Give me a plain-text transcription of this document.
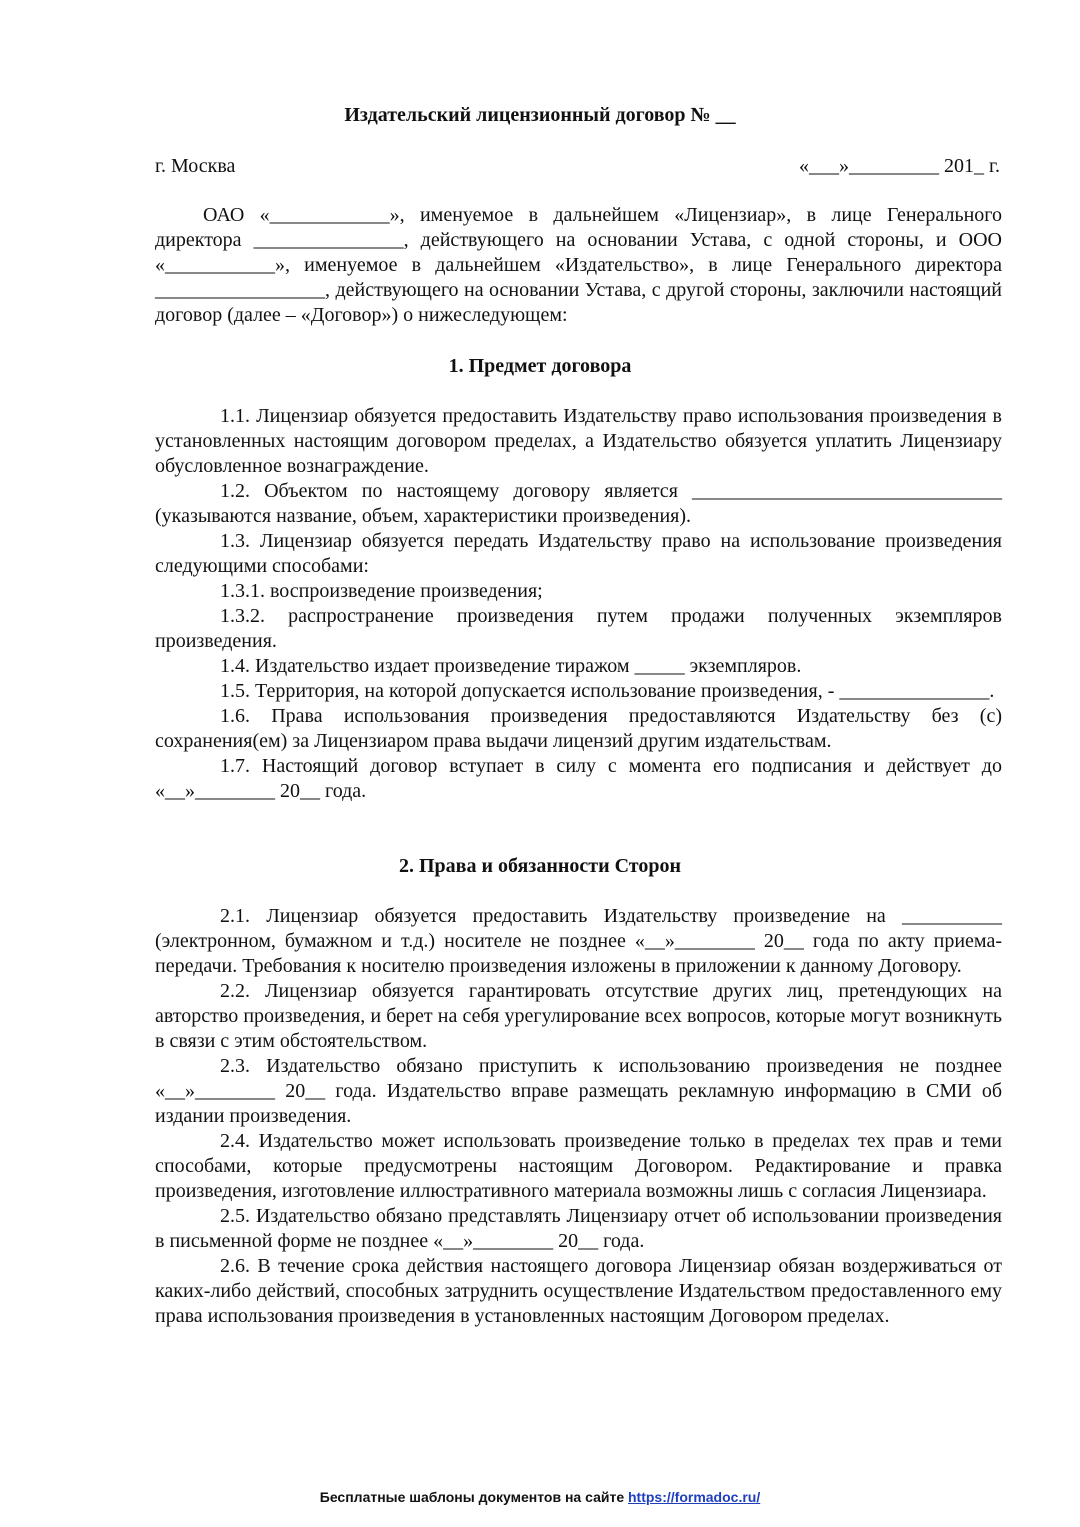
Издательский лицензионный договор № __
г. Москва	«___»_________ 201_ г.

ОАО «____________», именуемое в дальнейшем «Лицензиар», в лице Генерального директора _______________, действующего на основании Устава, с одной стороны, и ООО «___________», именуемое в дальнейшем «Издательство», в лице Генерального директора _________________, действующего на основании Устава, с другой стороны, заключили настоящий договор (далее – «Договор») о нижеследующем:

1. Предмет договора

1.1. Лицензиар обязуется предоставить Издательству право использования произведения в установленных настоящим договором пределах, а Издательство обязуется уплатить Лицензиару обусловленное вознаграждение.

1.2. Объектом по настоящему договору является _______________________________ (указываются название, объем, характеристики произведения).

1.3. Лицензиар обязуется передать Издательству право на использование произведения следующими способами:

1.3.1. воспроизведение произведения;

1.3.2. распространение произведения путем продажи полученных экземпляров произведения.

1.4. Издательство издает произведение тиражом _____ экземпляров.

1.5. Территория, на которой допускается использование произведения, - _______________.

1.6. Права использования произведения предоставляются Издательству без (с) сохранения(ем) за Лицензиаром права выдачи лицензий другим издательствам.

1.7. Настоящий договор вступает в силу с момента его подписания и действует до «__»________ 20__ года.

2. Права и обязанности Сторон

2.1. Лицензиар обязуется предоставить Издательству произведение на __________ (электронном, бумажном и т.д.) носителе не позднее «__»________ 20__ года по акту приема-передачи. Требования к носителю произведения изложены в приложении к данному Договору.

2.2. Лицензиар обязуется гарантировать отсутствие других лиц, претендующих на авторство произведения, и берет на себя урегулирование всех вопросов, которые могут возникнуть в связи с этим обстоятельством.

2.3. Издательство обязано приступить к использованию произведения не позднее «__»________ 20__ года. Издательство вправе размещать рекламную информацию в СМИ об издании произведения.

2.4. Издательство может использовать произведение только в пределах тех прав и теми способами, которые предусмотрены настоящим Договором. Редактирование и правка произведения, изготовление иллюстративного материала возможны лишь с согласия Лицензиара.

2.5. Издательство обязано представлять Лицензиару отчет об использовании произведения в письменной форме не позднее «__»________ 20__ года.

2.6. В течение срока действия настоящего договора Лицензиар обязан воздерживаться от каких-либо действий, способных затруднить осуществление Издательством предоставленного ему права использования произведения в установленных настоящим Договором пределах.

Бесплатные шаблоны документов на сайте https://formadoc.ru/
